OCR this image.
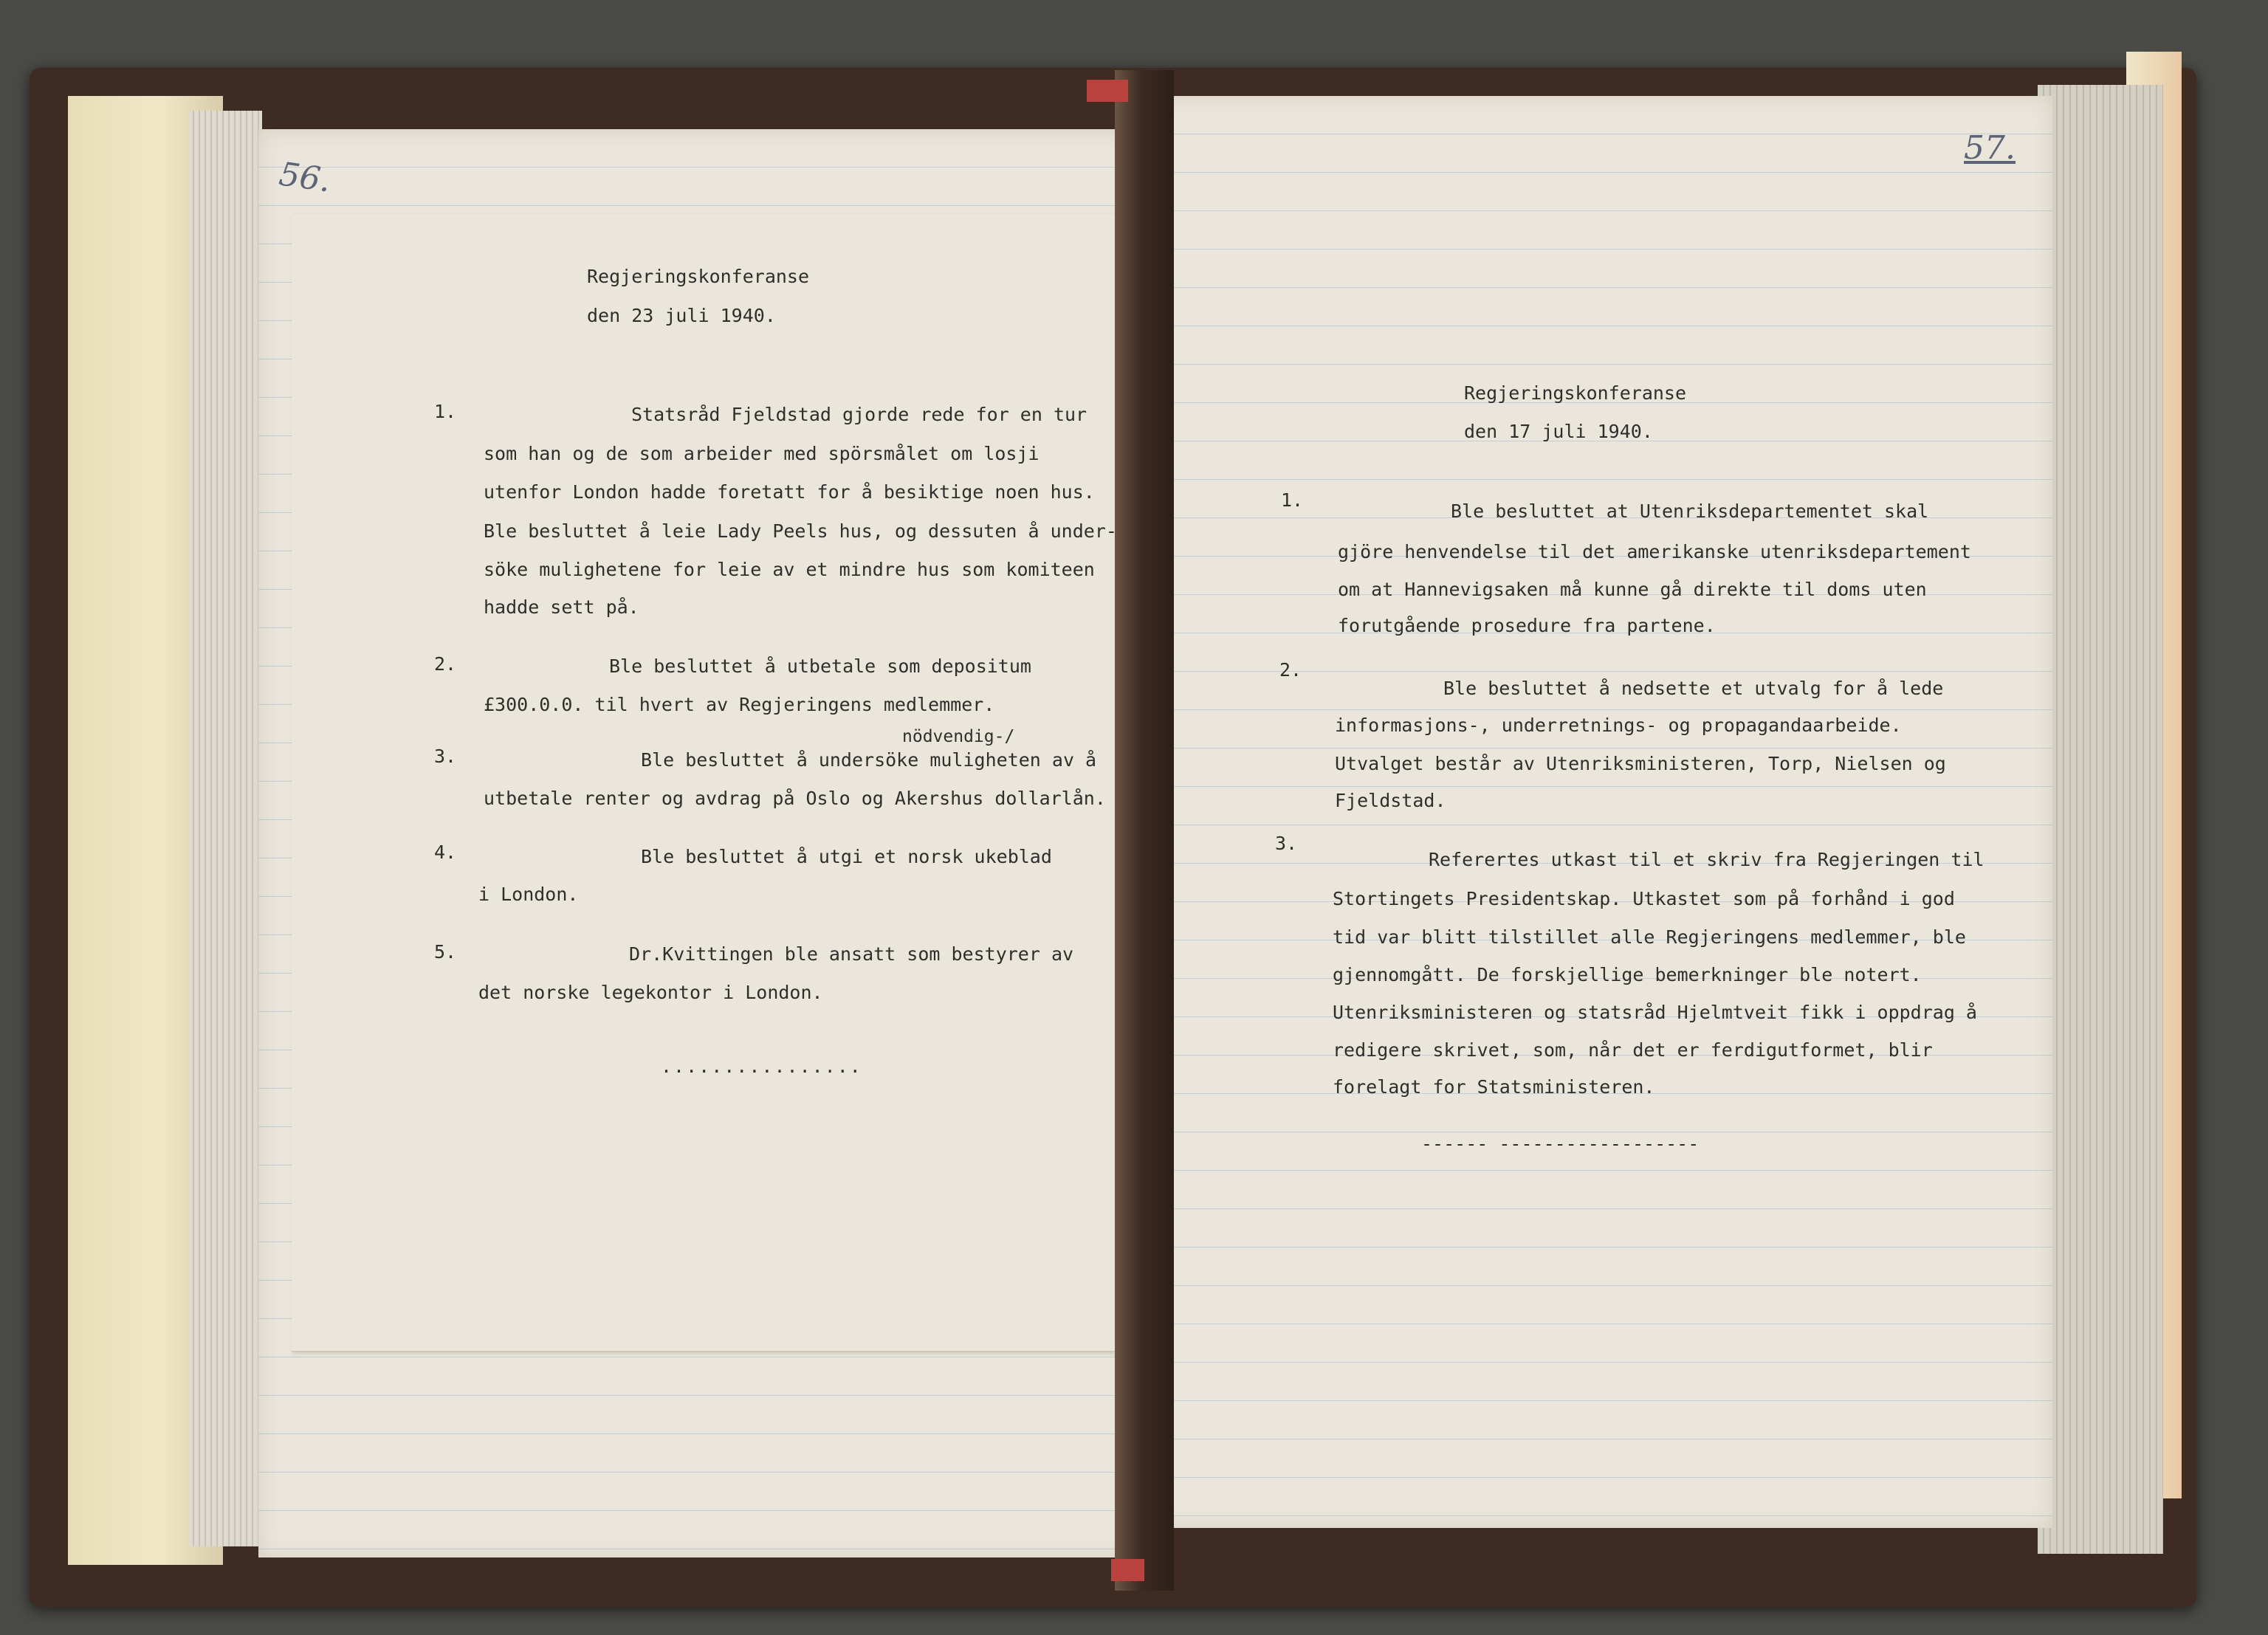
56.
Regjeringskonferanse
den 23 juli 1940.
1.	Statsråd Fjeldstad gjorde rede for en tur
som han og de som arbeider med spörsmålet om losji
utenfor London hadde foretatt for å besiktige noen hus.
Ble besluttet å leie Lady Peels hus, og dessuten å under-
söke mulighetene for leie av et mindre hus som komiteen
hadde sett på.
2.	Ble besluttet å utbetale som depositum
£300.0.0. til hvert av Regjeringens medlemmer.
nödvendig-/
3.	Ble besluttet å undersöke muligheten av å
utbetale renter og avdrag på Oslo og Akershus dollarlån.
4.	Ble besluttet å utgi et norsk ukeblad
i London.
5.	Dr.Kvittingen ble ansatt som bestyrer av
det norske legekontor i London.
................
57.
Regjeringskonferanse
den 17 juli 1940.
1.
Ble besluttet at Utenriksdepartementet skal
gjöre henvendelse til det amerikanske utenriksdepartement
om at Hannevigsaken må kunne gå direkte til doms uten
forutgående prosedure fra partene.
2.
Ble besluttet å nedsette et utvalg for å lede
informasjons-, underretnings- og propagandaarbeide.
Utvalget består av Utenriksministeren, Torp, Nielsen og
Fjeldstad.
3.
Referertes utkast til et skriv fra Regjeringen til
Stortingets Presidentskap. Utkastet som på forhånd i god
tid var blitt tilstillet alle Regjeringens medlemmer, ble
gjennomgått. De forskjellige bemerkninger ble notert.
Utenriksministeren og statsråd Hjelmtveit fikk i oppdrag å
redigere skrivet, som, når det er ferdigutformet, blir
forelagt for Statsministeren.
------ ------------------
